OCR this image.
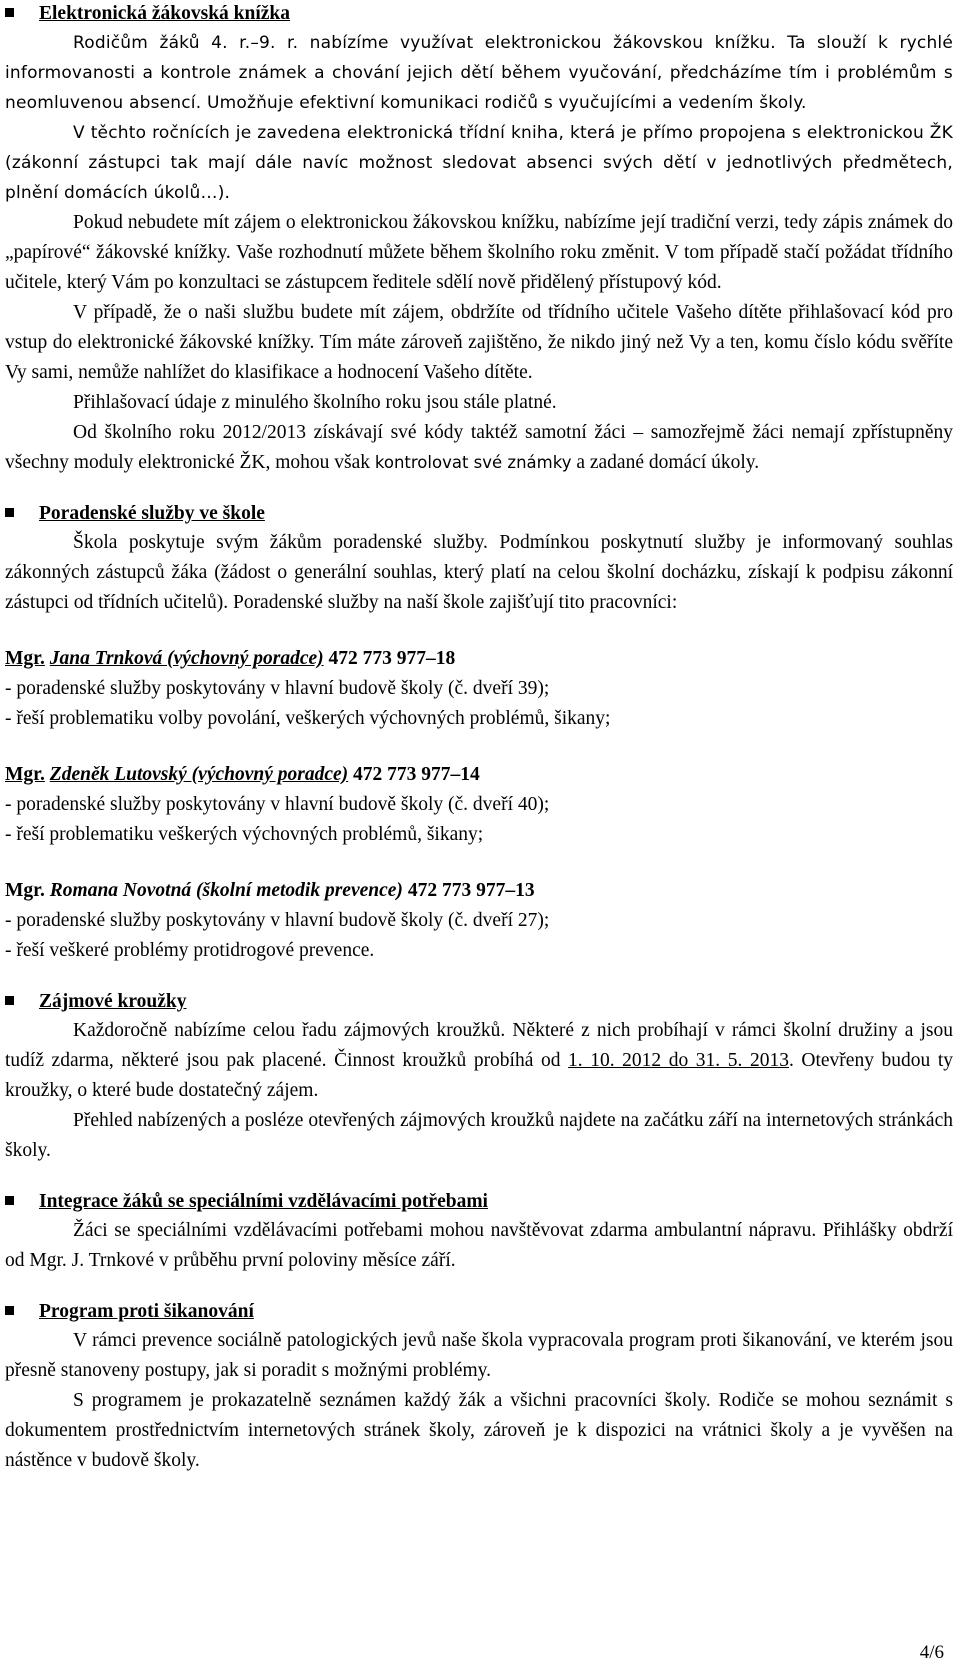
Elektronická žákovská knížka

Rodičům žáků 4. r.–9. r. nabízíme využívat elektronickou žákovskou knížku. Ta slouží k rychlé informovanosti a kontrole známek a chování jejich dětí během vyučování, předcházíme tím i problémům s neomluvenou absencí. Umožňuje efektivní komunikaci rodičů s vyučujícími a vedením školy.

V těchto ročnících je zavedena elektronická třídní kniha, která je přímo propojena s elektronickou ŽK (zákonní zástupci tak mají dále navíc možnost sledovat absenci svých dětí v jednotlivých předmětech, plnění domácích úkolů…).

Pokud nebudete mít zájem o elektronickou žákovskou knížku, nabízíme její tradiční verzi, tedy zápis známek do „papírové“ žákovské knížky. Vaše rozhodnutí můžete během školního roku změnit. V tom případě stačí požádat třídního učitele, který Vám po konzultaci se zástupcem ředitele sdělí nově přidělený přístupový kód.

V případě, že o naši službu budete mít zájem, obdržíte od třídního učitele Vašeho dítěte přihlašovací kód pro vstup do elektronické žákovské knížky. Tím máte zároveň zajištěno, že nikdo jiný než Vy a ten, komu číslo kódu svěříte Vy sami, nemůže nahlížet do klasifikace a hodnocení Vašeho dítěte.

Přihlašovací údaje z minulého školního roku jsou stále platné.

Od školního roku 2012/2013 získávají své kódy taktéž samotní žáci – samozřejmě žáci nemají zpřístupněny všechny moduly elektronické ŽK, mohou však kontrolovat své známky a zadané domácí úkoly.

Poradenské služby ve škole

Škola poskytuje svým žákům poradenské služby. Podmínkou poskytnutí služby je informovaný souhlas zákonných zástupců žáka (žádost o generální souhlas, který platí na celou školní docházku, získají k podpisu zákonní zástupci od třídních učitelů). Poradenské služby na naší škole zajišťují tito pracovníci:

Mgr. Jana Trnková (výchovný poradce) 472 773 977–18

- poradenské služby poskytovány v hlavní budově školy (č. dveří 39);

- řeší problematiku volby povolání, veškerých výchovných problémů, šikany;

Mgr. Zdeněk Lutovský (výchovný poradce) 472 773 977–14

- poradenské služby poskytovány v hlavní budově školy (č. dveří 40);

- řeší problematiku veškerých výchovných problémů, šikany;

Mgr. Romana Novotná (školní metodik prevence) 472 773 977–13

- poradenské služby poskytovány v hlavní budově školy (č. dveří 27);

- řeší veškeré problémy protidrogové prevence.

Zájmové kroužky

Každoročně nabízíme celou řadu zájmových kroužků. Některé z nich probíhají v rámci školní družiny a jsou tudíž zdarma, některé jsou pak placené. Činnost kroužků probíhá od 1. 10. 2012 do 31. 5. 2013. Otevřeny budou ty kroužky, o které bude dostatečný zájem.

Přehled nabízených a posléze otevřených zájmových kroužků najdete na začátku září na internetových stránkách školy.

Integrace žáků se speciálními vzdělávacími potřebami

Žáci se speciálními vzdělávacími potřebami mohou navštěvovat zdarma ambulantní nápravu. Přihlášky obdrží od Mgr. J. Trnkové v průběhu první poloviny měsíce září.

Program proti šikanování

V rámci prevence sociálně patologických jevů naše škola vypracovala program proti šikanování, ve kterém jsou přesně stanoveny postupy, jak si poradit s možnými problémy.

S programem je prokazatelně seznámen každý žák a všichni pracovníci školy. Rodiče se mohou seznámit s dokumentem prostřednictvím internetových stránek školy, zároveň je k dispozici na vrátnici školy a je vyvěšen na nástěnce v budově školy.

4/6
